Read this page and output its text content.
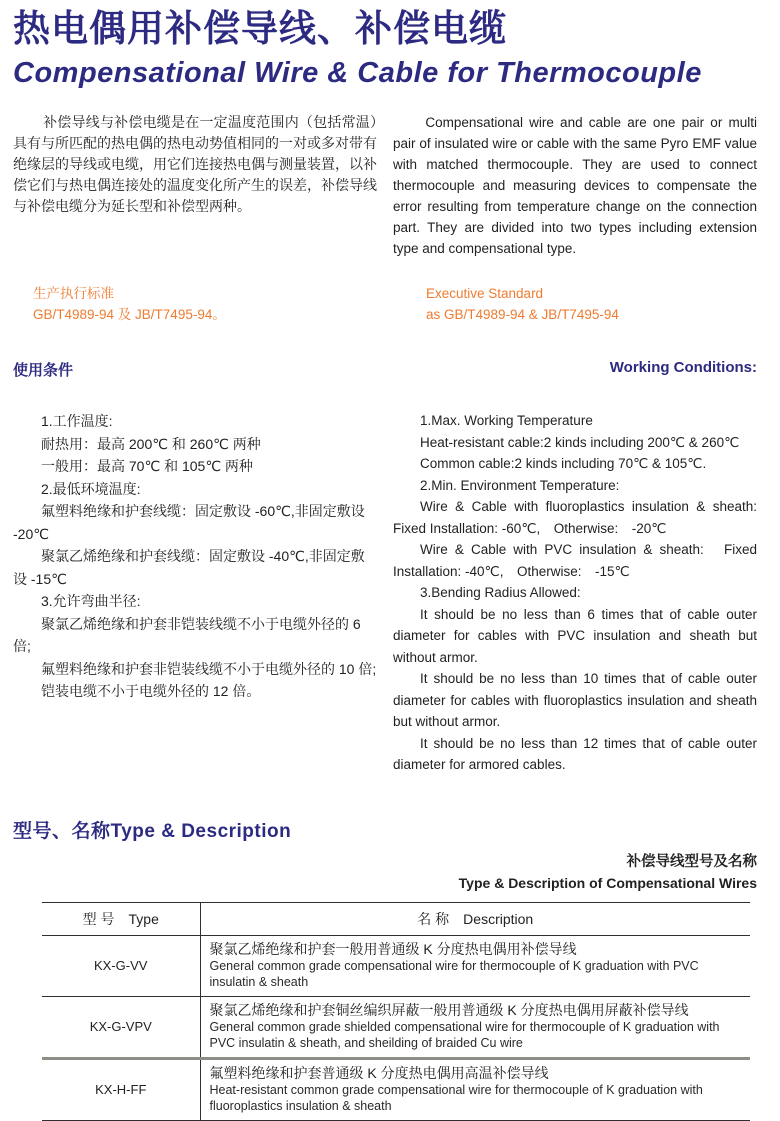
热电偶用补偿导线、补偿电缆
Compensational Wire & Cable for Thermocouple

补偿导线与补偿电缆是在一定温度范围内（包括常温）具有与所匹配的热电偶的热电动势值相同的一对或多对带有绝缘层的导线或电缆，用它们连接热电偶与测量装置，以补偿它们与热电偶连接处的温度变化所产生的误差，补偿导线与补偿电缆分为延长型和补偿型两种。

Compensational wire and cable are one pair or multi pair of insulated wire or cable with the same Pyro EMF value with matched thermocouple. They are used to connect thermocouple and measuring devices to compensate the error resulting from temperature change on the connection part. They are divided into two types including extension type and compensational type.

生产执行标准

GB/T4989-94 及 JB/T7495-94。

Executive Standard

as GB/T4989-94 & JB/T7495-94

使用条件	Working Conditions:

1.工作温度:

耐热用：最高 200℃ 和 260℃ 两种

一般用：最高 70℃ 和 105℃ 两种

2.最低环境温度:

氟塑料绝缘和护套线缆：固定敷设 -60℃,非固定敷设 -20℃

聚氯乙烯绝缘和护套线缆：固定敷设 -40℃,非固定敷设 -15℃

3.允许弯曲半径:

聚氯乙烯绝缘和护套非铠装线缆不小于电缆外径的 6 倍;

氟塑料绝缘和护套非铠装线缆不小于电缆外径的 10 倍;

铠装电缆不小于电缆外径的 12 倍。

1.Max. Working Temperature

Heat-resistant cable:2 kinds including 200℃ & 260℃

Common cable:2 kinds including 70℃ & 105℃.

2.Min. Environment Temperature:

Wire & Cable with fluoroplastics insulation & sheath: Fixed Installation: -60℃,　Otherwise:　-20℃

Wire & Cable with PVC insulation & sheath:　Fixed Installation: -40℃,　Otherwise:　-15℃

3.Bending Radius Allowed:

It should be no less than 6 times that of cable outer diameter for cables with PVC insulation and sheath but without armor.

It should be no less than 10 times that of cable outer diameter for cables with fluoroplastics insulation and sheath but without armor.

It should be no less than 12 times that of cable outer diameter for armored cables.

型号、名称Type & Description
补偿导线型号及名称
Type & Description of Compensational Wires
型 号　Type	名 称　Description
KX-G-VV	聚氯乙烯绝缘和护套一般用普通级 K 分度热电偶用补偿导线
General common grade compensational wire for thermocouple of K graduation with PVC insulatin & sheath

KX-G-VPV	聚氯乙烯绝缘和护套铜丝编织屏蔽一般用普通级 K 分度热电偶用屏蔽补偿导线
General common grade shielded compensational wire for thermocouple of K graduation with PVC insulatin & sheath, and sheilding of braided Cu wire

KX-H-FF	氟塑料绝缘和护套普通级 K 分度热电偶用高温补偿导线
Heat-resistant common grade compensational wire for thermocouple of K graduation with fluoroplastics insulation & sheath
